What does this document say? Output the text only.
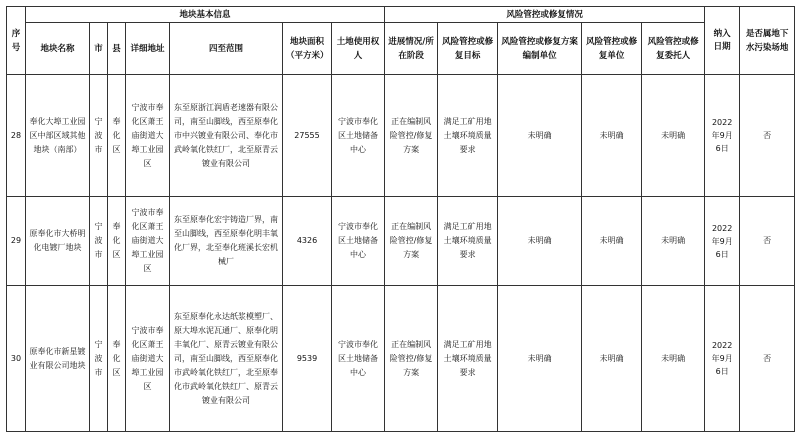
序号	地块基本信息							风险管控或修复情况					纳入日期	是否属地下水污染场地

	地块名称	市	县	详细地址	四至范围	地块面积（平方米）	土地使用权人	进展情况/所在阶段	风险管控或修复目标	风险管控或修复方案编制单位	风险管控或修复单位	风险管控或修复委托人		

28	奉化大埠工业园区中部区域其他地块（南部）	宁波市	奉化区	宁波市奉化区萧王庙街道大埠工业园区	东至原浙江润盾老速器有限公司，南至山脚线，西至原奉化市中兴镀业有限公司、奉化市武岭氧化铁红厂，北至原青云镀业有限公司	27555	宁波市奉化区土地储备中心	正在编制风险管控/修复方案	满足工矿用地土壤环境质量要求	未明确	未明确	未明确	2022年9月6日	否
29	原奉化市大桥明化电镀厂地块	宁波市	奉化区	宁波市奉化区萧王庙街道大埠工业园区	东至原奉化宏宇铸造厂界，南至山脚线，西至原奉化明丰氧化厂界，北至奉化班溪长宏机械厂	4326	宁波市奉化区土地储备中心	正在编制风险管控/修复方案	满足工矿用地土壤环境质量要求	未明确	未明确	未明确	2022年9月6日	否
30	原奉化市新星镀业有限公司地块	宁波市	奉化区	宁波市奉化区萧王庙街道大埠工业园区	东至原奉化永达纸浆模塑厂、原大埠水泥瓦通厂、原奉化明丰氧化厂、原青云镀业有限公司，南至山脚线，西至原奉化市武岭氧化铁红厂，北至原奉化市武岭氧化铁红厂、原青云镀业有限公司	9539	宁波市奉化区土地储备中心	正在编制风险管控/修复方案	满足工矿用地土壤环境质量要求	未明确	未明确	未明确	2022年9月6日	否
